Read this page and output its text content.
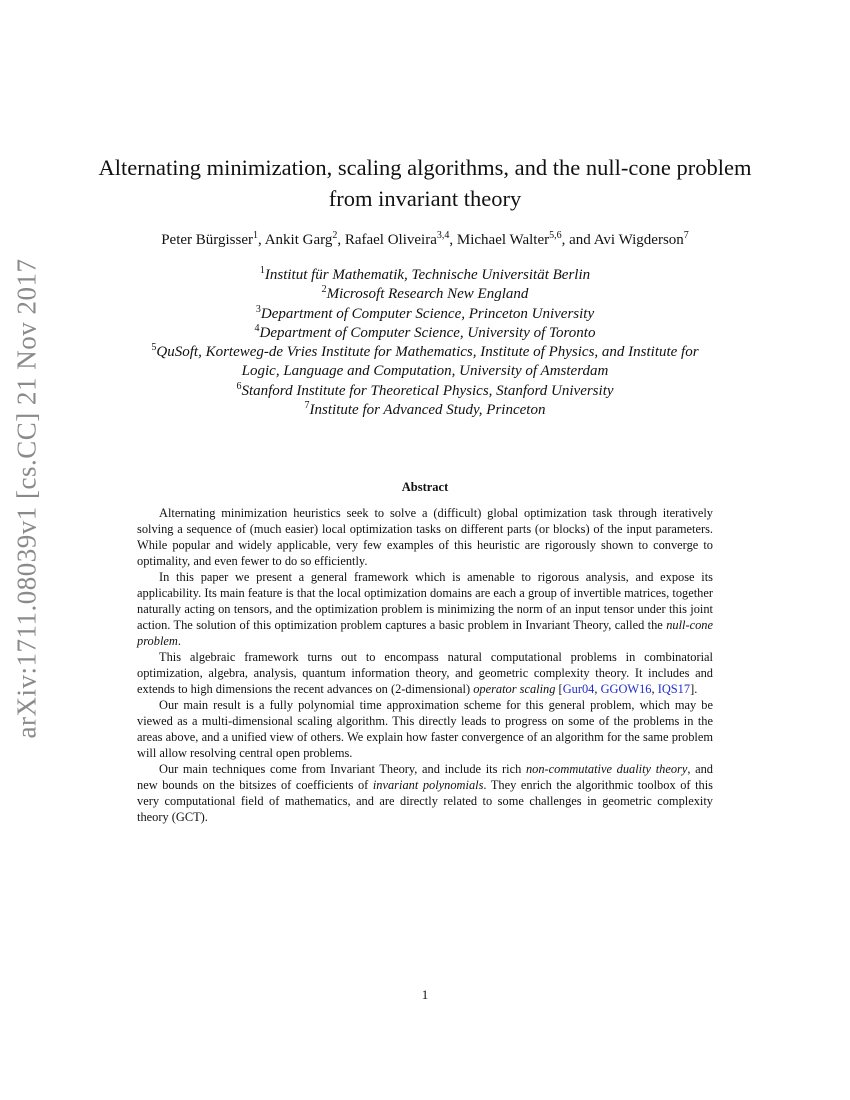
arXiv:1711.08039v1 [cs.CC] 21 Nov 2017
Alternating minimization, scaling algorithms, and the null-cone problem from invariant theory
Peter Bürgisser$^1$, Ankit Garg$^2$, Rafael Oliveira$^{3,4}$, Michael Walter$^{5,6}$, and Avi Wigderson$^7$
$^1$Institut für Mathematik, Technische Universität Berlin
$^2$Microsoft Research New England
$^3$Department of Computer Science, Princeton University
$^4$Department of Computer Science, University of Toronto
$^5$QuSoft, Korteweg-de Vries Institute for Mathematics, Institute of Physics, and Institute for
Logic, Language and Computation, University of Amsterdam
$^6$Stanford Institute for Theoretical Physics, Stanford University
$^7$Institute for Advanced Study, Princeton
Abstract

Alternating minimization heuristics seek to solve a (difficult) global optimization task through iteratively solving a sequence of (much easier) local optimization tasks on different parts (or blocks) of the input parameters. While popular and widely applicable, very few examples of this heuristic are rigorously shown to converge to optimality, and even fewer to do so efficiently.

In this paper we present a general framework which is amenable to rigorous analysis, and expose its applicability. Its main feature is that the local optimization domains are each a group of invertible matrices, together naturally acting on tensors, and the optimization problem is minimizing the norm of an input tensor under this joint action. The solution of this optimization problem captures a basic problem in Invariant Theory, called the null-cone problem.

This algebraic framework turns out to encompass natural computational problems in combinatorial optimization, algebra, analysis, quantum information theory, and geometric complexity theory. It includes and extends to high dimensions the recent advances on (2-dimensional) operator scaling [Gur04, GGOW16, IQS17].

Our main result is a fully polynomial time approximation scheme for this general problem, which may be viewed as a multi-dimensional scaling algorithm. This directly leads to progress on some of the problems in the areas above, and a unified view of others. We explain how faster convergence of an algorithm for the same problem will allow resolving central open problems.

Our main techniques come from Invariant Theory, and include its rich non-commutative duality theory, and new bounds on the bitsizes of coefficients of invariant polynomials. They enrich the algorithmic toolbox of this very computational field of mathematics, and are directly related to some challenges in geometric complexity theory (GCT).

1
